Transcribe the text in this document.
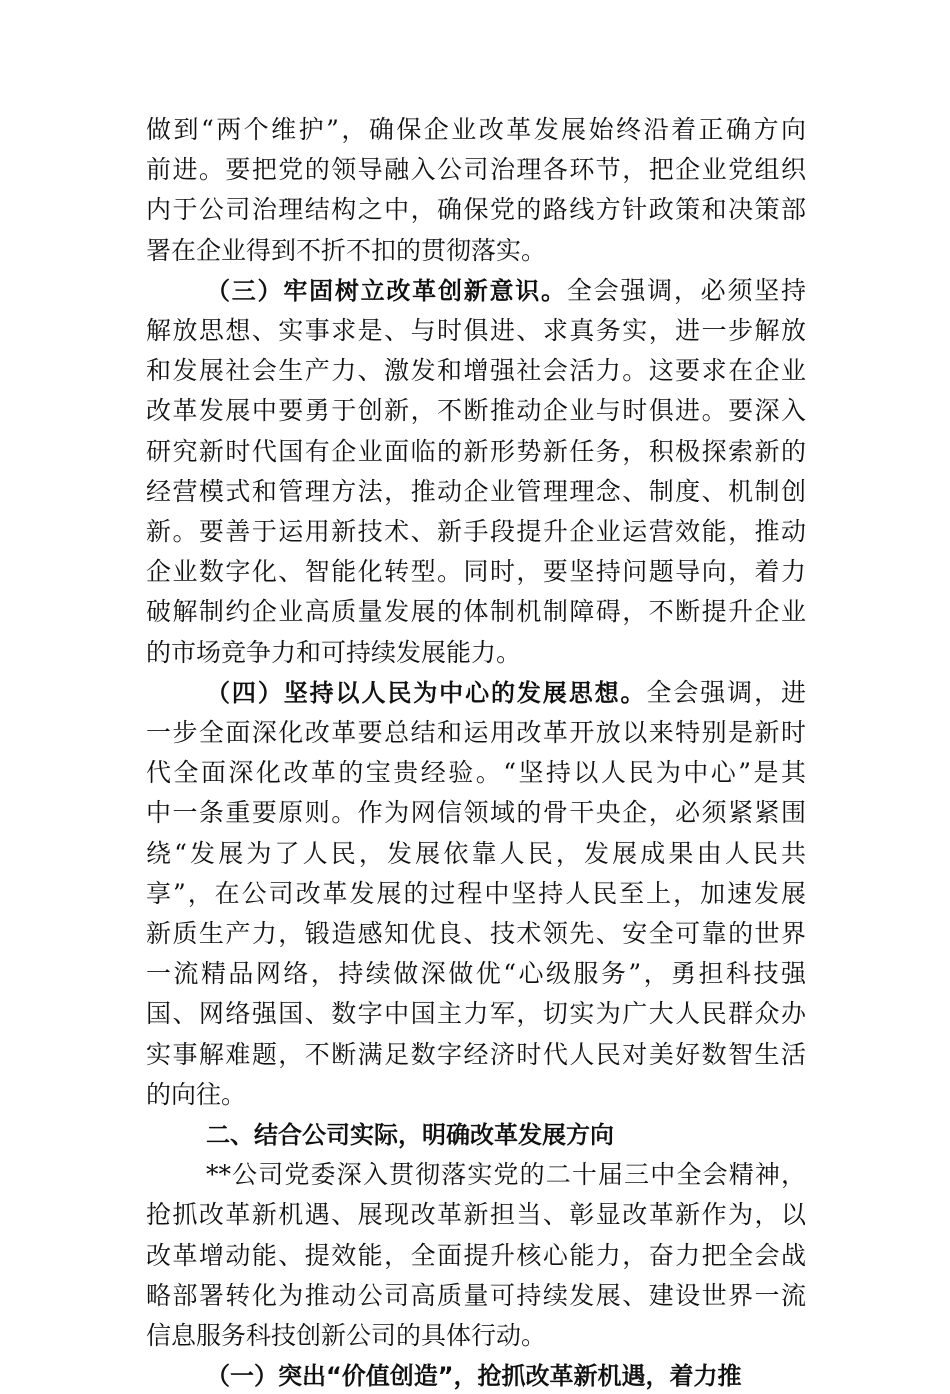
做到“两个维护”，确保企业改革发展始终沿着正确方向
前进。要把党的领导融入公司治理各环节，把企业党组织
内于公司治理结构之中，确保党的路线方针政策和决策部
署在企业得到不折不扣的贯彻落实。
（三）牢固树立改革创新意识。全会强调，必须坚持
解放思想、实事求是、与时俱进、求真务实，进一步解放
和发展社会生产力、激发和增强社会活力。这要求在企业
改革发展中要勇于创新，不断推动企业与时俱进。要深入
研究新时代国有企业面临的新形势新任务，积极探索新的
经营模式和管理方法，推动企业管理理念、制度、机制创
新。要善于运用新技术、新手段提升企业运营效能，推动
企业数字化、智能化转型。同时，要坚持问题导向，着力
破解制约企业高质量发展的体制机制障碍，不断提升企业
的市场竞争力和可持续发展能力。
（四）坚持以人民为中心的发展思想。全会强调，进
一步全面深化改革要总结和运用改革开放以来特别是新时
代全面深化改革的宝贵经验。“坚持以人民为中心”是其
中一条重要原则。作为网信领域的骨干央企，必须紧紧围
绕“发展为了人民，发展依靠人民，发展成果由人民共
享”，在公司改革发展的过程中坚持人民至上，加速发展
新质生产力，锻造感知优良、技术领先、安全可靠的世界
一流精品网络，持续做深做优“心级服务”，勇担科技强
国、网络强国、数字中国主力军，切实为广大人民群众办
实事解难题，不断满足数字经济时代人民对美好数智生活
的向往。
二、结合公司实际，明确改革发展方向
**公司党委深入贯彻落实党的二十届三中全会精神，
抢抓改革新机遇、展现改革新担当、彰显改革新作为，以
改革增动能、提效能，全面提升核心能力，奋力把全会战
略部署转化为推动公司高质量可持续发展、建设世界一流
信息服务科技创新公司的具体行动。
（一）突出“价值创造”，抢抓改革新机遇，着力推
